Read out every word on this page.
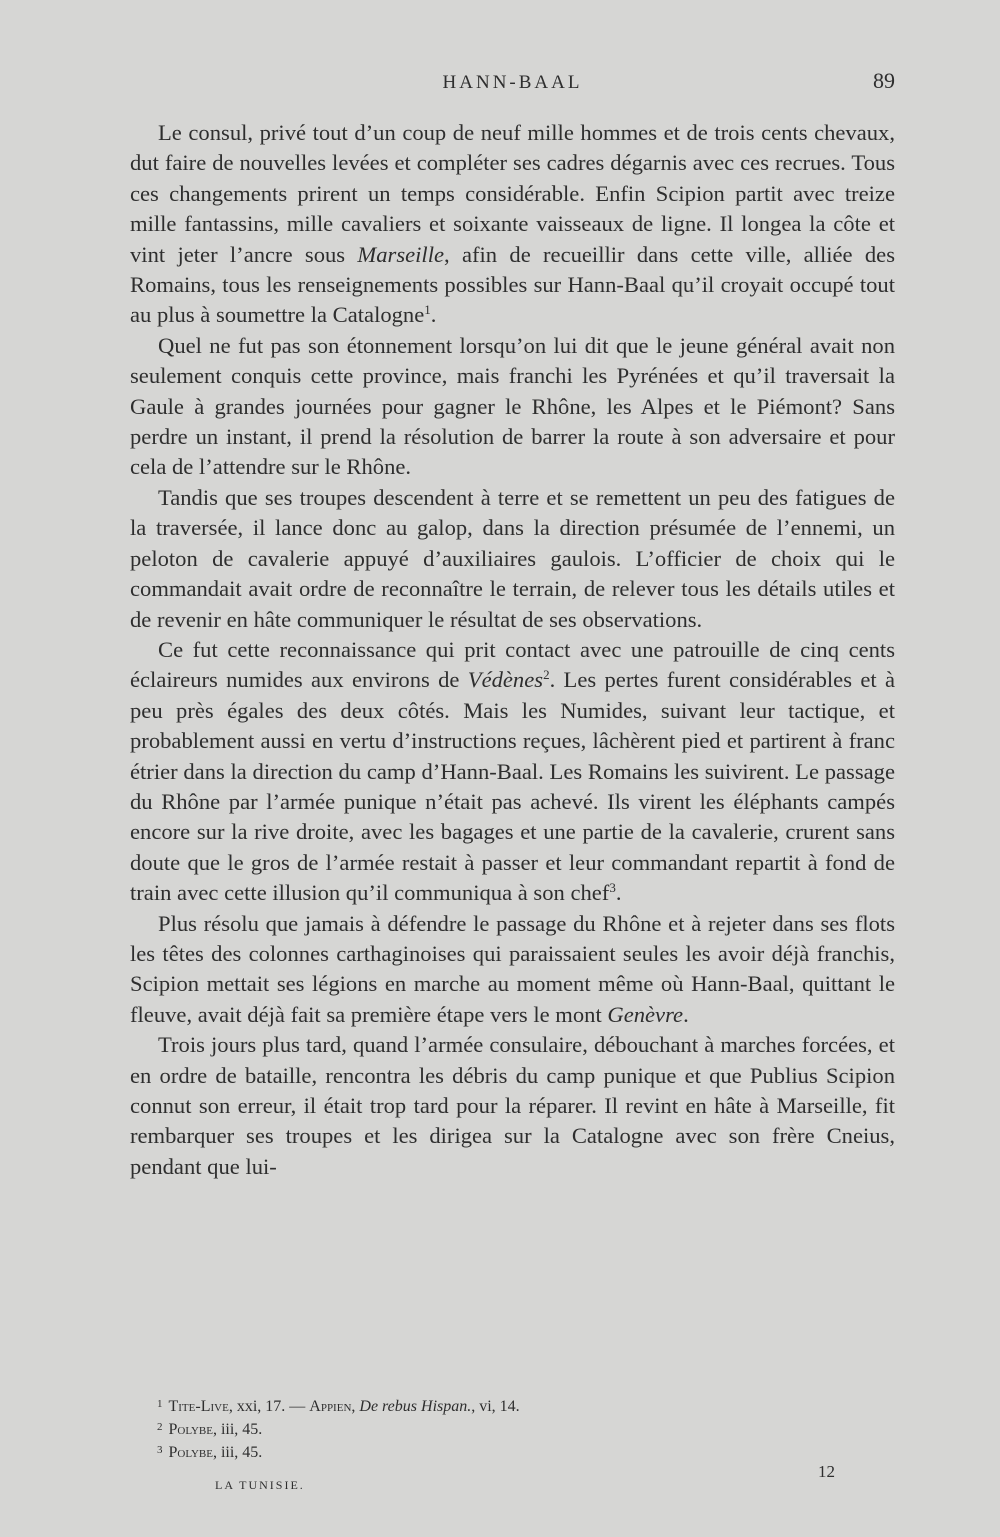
HANN-BAAL	89

Le consul, privé tout d’un coup de neuf mille hommes et de trois cents chevaux, dut faire de nouvelles levées et compléter ses cadres dégarnis avec ces recrues. Tous ces changements prirent un temps considérable. Enfin Scipion partit avec treize mille fantassins, mille cavaliers et soixante vaisseaux de ligne. Il longea la côte et vint jeter l’ancre sous Marseille, afin de recueillir dans cette ville, alliée des Romains, tous les renseignements possibles sur Hann-Baal qu’il croyait occupé tout au plus à soumettre la Catalogne$^1$.

Quel ne fut pas son étonnement lorsqu’on lui dit que le jeune général avait non seulement conquis cette province, mais franchi les Pyrénées et qu’il traversait la Gaule à grandes journées pour gagner le Rhône, les Alpes et le Piémont? Sans perdre un instant, il prend la résolution de barrer la route à son adversaire et pour cela de l’attendre sur le Rhône.

Tandis que ses troupes descendent à terre et se remettent un peu des fatigues de la traversée, il lance donc au galop, dans la direction présumée de l’ennemi, un peloton de cavalerie appuyé d’auxiliaires gaulois. L’officier de choix qui le commandait avait ordre de reconnaître le terrain, de relever tous les détails utiles et de revenir en hâte communiquer le résultat de ses observations.

Ce fut cette reconnaissance qui prit contact avec une patrouille de cinq cents éclaireurs numides aux environs de Védènes$^2$. Les pertes furent considérables et à peu près égales des deux côtés. Mais les Numides, suivant leur tactique, et probablement aussi en vertu d’instructions reçues, lâchèrent pied et partirent à franc étrier dans la direction du camp d’Hann-Baal. Les Romains les suivirent. Le passage du Rhône par l’armée punique n’était pas achevé. Ils virent les éléphants campés encore sur la rive droite, avec les bagages et une partie de la cavalerie, crurent sans doute que le gros de l’armée restait à passer et leur commandant repartit à fond de train avec cette illusion qu’il communiqua à son chef$^3$.

Plus résolu que jamais à défendre le passage du Rhône et à rejeter dans ses flots les têtes des colonnes carthaginoises qui paraissaient seules les avoir déjà franchis, Scipion mettait ses légions en marche au moment même où Hann-Baal, quittant le fleuve, avait déjà fait sa première étape vers le mont Genèvre.

Trois jours plus tard, quand l’armée consulaire, débouchant à marches forcées, et en ordre de bataille, rencontra les débris du camp punique et que Publius Scipion connut son erreur, il était trop tard pour la réparer. Il revint en hâte à Marseille, fit rembarquer ses troupes et les dirigea sur la Catalogne avec son frère Cneius, pendant que lui-

$^1$ Tite-Live, xxi, 17. — Appien, De rebus Hispan., vi, 14.
$^2$ Polybe, iii, 45.
$^3$ Polybe, iii, 45.
LA TUNISIE.
12
